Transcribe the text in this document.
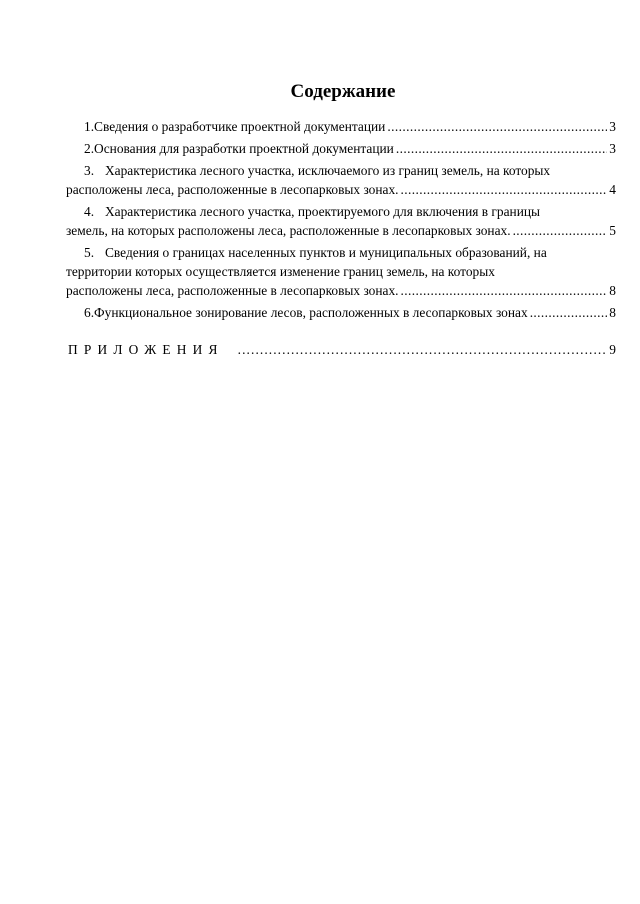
Содержание
1. Сведения о разработчике проектной документации .....	3
2. Основания для разработки проектной документации .....	3
3. Характеристика лесного участка, исключаемого из границ земель, на которых
расположены леса, расположенные в лесопарковых зонах. .....	4
4. Характеристика лесного участка, проектируемого для включения в границы
земель, на которых расположены леса, расположенные в лесопарковых зонах. .....	5
5. Сведения о границах населенных пунктов и муниципальных образований, на
территории которых осуществляется изменение границ земель, на которых
расположены леса, расположенные в лесопарковых зонах. .....	8
6. Функциональное зонирование лесов, расположенных в лесопарковых зонах .....	8
ПРИЛОЖЕНИЯ .....	9
